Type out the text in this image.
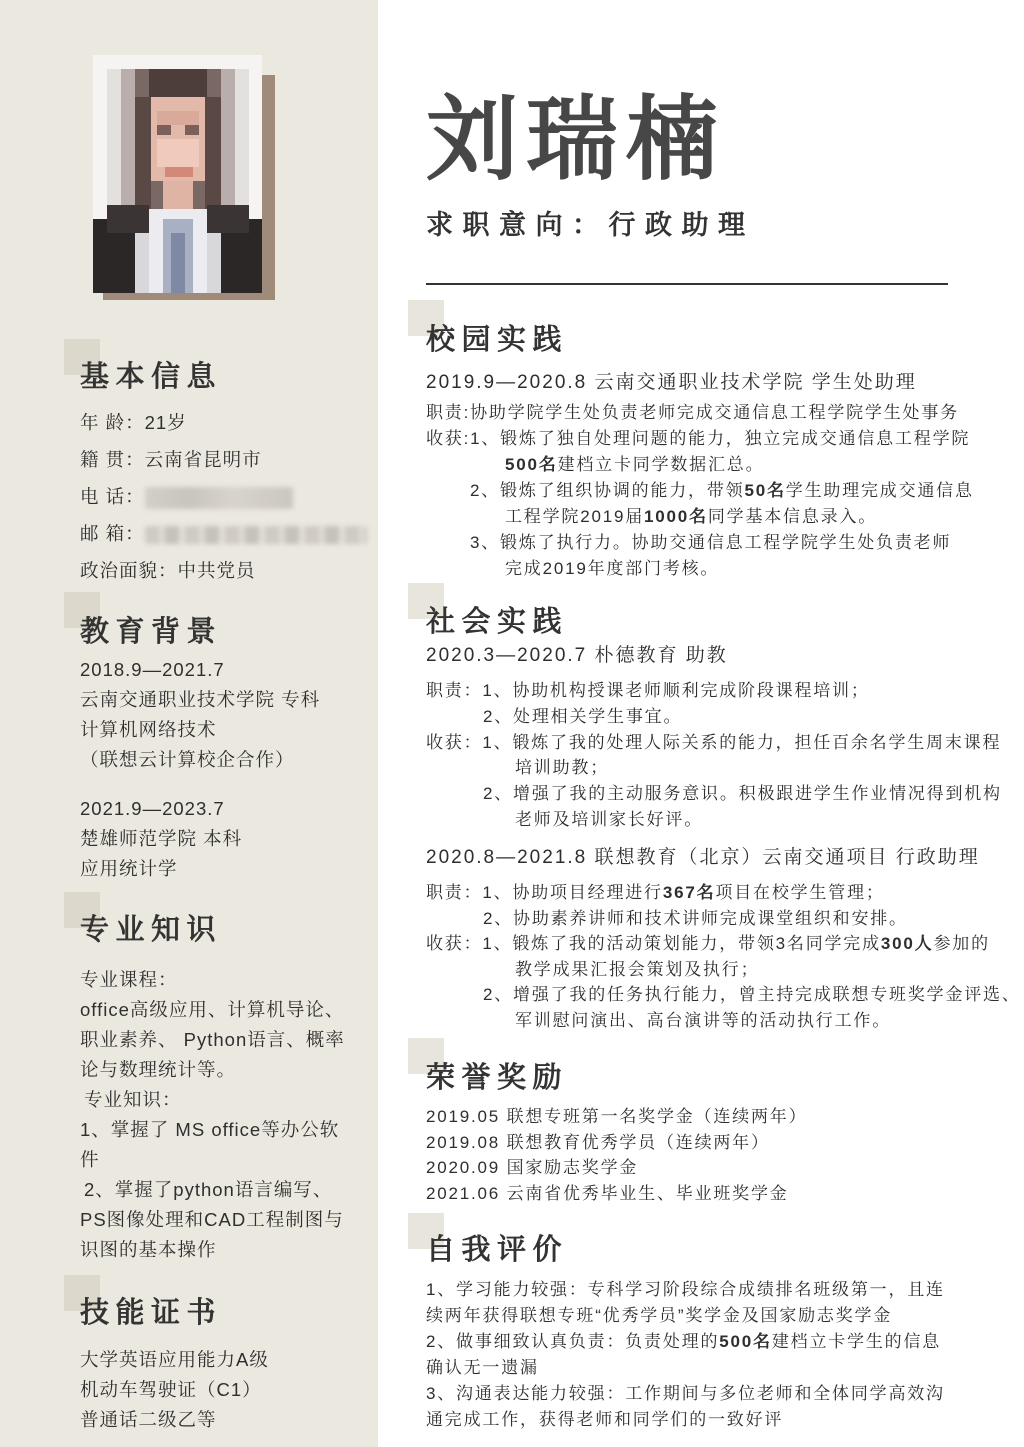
基本信息
年 龄：21岁
籍 贯：云南省昆明市
电 话：
邮 箱：
政治面貌：中共党员
教育背景
2018.9—2021.7
云南交通职业技术学院 专科
计算机网络技术
（联想云计算校企合作）
2021.9—2023.7
楚雄师范学院 本科
应用统计学
专业知识
专业课程：
office高级应用、计算机导论、
职业素养、 Python语言、概率
论与数理统计等。
专业知识：
1、掌握了 MS office等办公软
件
2、掌握了python语言编写、
PS图像处理和CAD工程制图与
识图的基本操作
技能证书
大学英语应用能力A级
机动车驾驶证（C1）
普通话二级乙等
刘瑞楠
求职意向：行政助理
校园实践
2019.9—2020.8 云南交通职业技术学院 学生处助理
职责:协助学院学生处负责老师完成交通信息工程学院学生处事务
收获:1、锻炼了独自处理问题的能力，独立完成交通信息工程学院
500名建档立卡同学数据汇总。
2、锻炼了组织协调的能力，带领50名学生助理完成交通信息
工程学院2019届1000名同学基本信息录入。
3、锻炼了执行力。协助交通信息工程学院学生处负责老师
完成2019年度部门考核。
社会实践
2020.3—2020.7 朴德教育 助教
职责：1、协助机构授课老师顺利完成阶段课程培训；
2、处理相关学生事宜。
收获：1、锻炼了我的处理人际关系的能力，担任百余名学生周末课程
培训助教；
2、增强了我的主动服务意识。积极跟进学生作业情况得到机构
老师及培训家长好评。
2020.8—2021.8 联想教育（北京）云南交通项目 行政助理
职责：1、协助项目经理进行367名项目在校学生管理；
2、协助素养讲师和技术讲师完成课堂组织和安排。
收获：1、锻炼了我的活动策划能力，带领3名同学完成300人参加的
教学成果汇报会策划及执行；
2、增强了我的任务执行能力，曾主持完成联想专班奖学金评选、
军训慰问演出、高台演讲等的活动执行工作。
荣誉奖励
2019.05 联想专班第一名奖学金（连续两年）
2019.08 联想教育优秀学员（连续两年）
2020.09 国家励志奖学金
2021.06 云南省优秀毕业生、毕业班奖学金
自我评价
1、学习能力较强：专科学习阶段综合成绩排名班级第一，且连
续两年获得联想专班“优秀学员”奖学金及国家励志奖学金
2、做事细致认真负责：负责处理的500名建档立卡学生的信息
确认无一遗漏
3、沟通表达能力较强：工作期间与多位老师和全体同学高效沟
通完成工作，获得老师和同学们的一致好评
